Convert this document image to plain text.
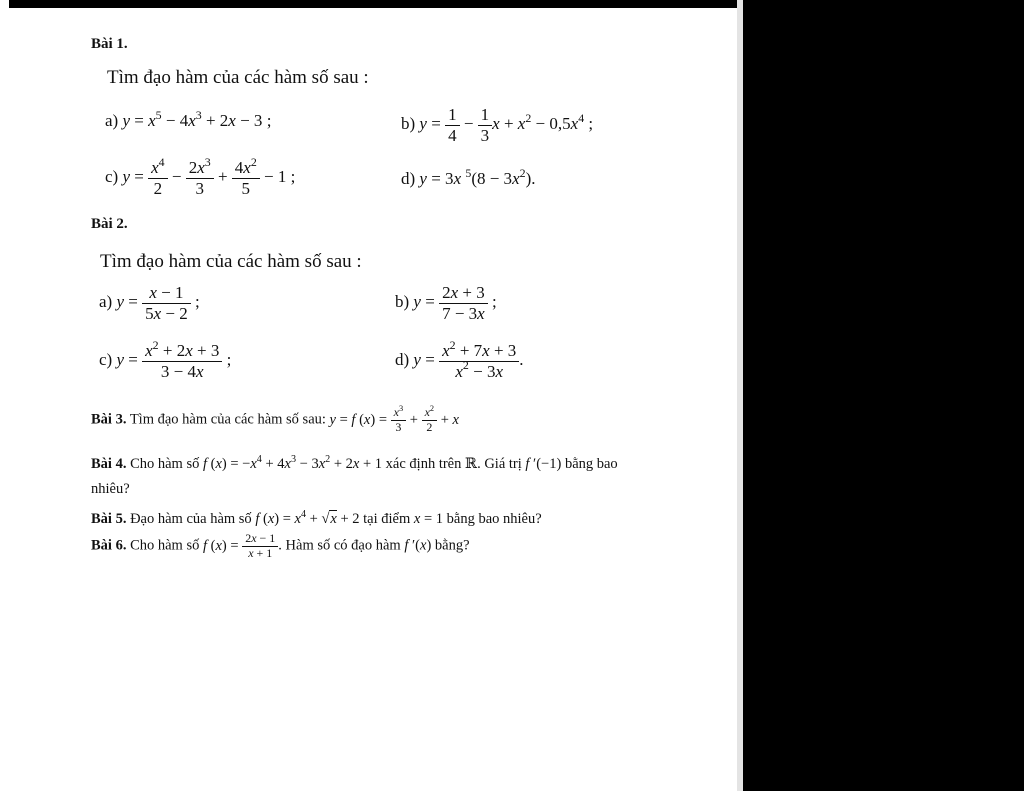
Bài 1.
Tìm đạo hàm của các hàm số sau :
a) $y = x^5 - 4x^3 + 2x - 3$ ;	b) $y = \frac{1}{4} - \frac{1}{3}$ $x + x^2 - 0,5x^4$ ;
c) $y = \frac{x^4}{2} - \frac{2x^3}{3} + \frac{4x^2}{5} - 1$ ;	d) y = 3x $^5(8 - 3x^2)$.
Bài 2.
Tìm đạo hàm của các hàm số sau :
a) $y = \frac{x - 1}{5x - 2}$ ;	b) $y = \frac{2x + 3}{7 - 3x}$ ;
c) $y = \frac{x^2 + 2x + 3}{3 - 4x}$ ;	d) $y = \frac{x^2 + 7x + 3}{x^2 - 3x}$ .
Bài 3. Tìm đạo hàm của các hàm số sau: y = f $(x) = \frac{x^3}{3} + \frac{x^2}{2} + x$
Bài 4. Cho hàm số f $(x) = -x^4 + 4x^3 - 3x^2 + 2x + 1$ xác định trên ℝ. Giá trị f ′(−1) bằng bao
nhiêu?
Bài 5. Đạo hàm của hàm số f $(x) = x^4 + √x + 2$ tại điểm x = 1 bằng bao nhiêu?
Bài 6. Cho hàm số f $(x) = \frac{2x - 1}{x + 1}$ . Hàm số có đạo hàm f ′(x) bằng?
